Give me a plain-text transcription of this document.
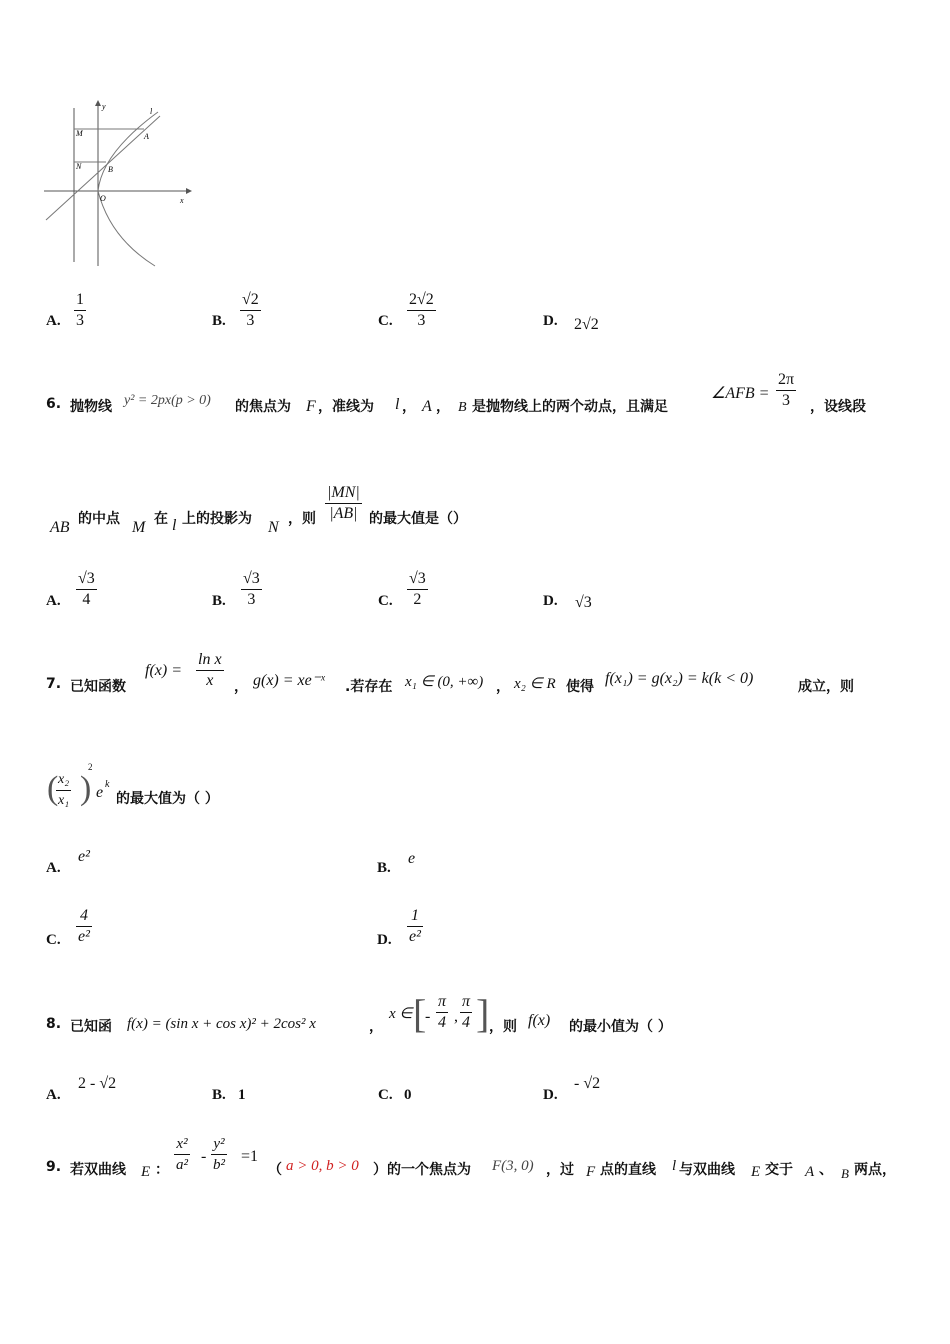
y
x
O
M
N
A
B
l
A. $\frac{1}{3}$	B. $\frac{√2}{3}$	C. $\frac{2√2}{3}$	D. 2√2
6. 抛物线 y² = 2px(p > 0) 的焦点为 F ，准线为 l ， A ， B 是抛物线上的两个动点，且满足
∠AFB = $\frac{2\pi}{3}$ ，设线段
AB 的中点 M 在 l 上的投影为 N ，则 $\frac{|MN|}{|AB|}$ 的最大值是（）
A. $\frac{√3}{4}$	B. $\frac{√3}{3}$	C. $\frac{√3}{2}$	D. √3
7. 已知函数
$f(x) = \frac{\text{ln x}}{x}$ ， g(x) = xe⁻ˣ .若存在 x₁ ∈ (0, +∞) ， x₂ ∈ R 使得 f(x₁) = g(x₂) = k(k < 0)	成立，则
(
$\frac{\text{x₂}}{\text{x₁}}$ )
2
e k
的最大值为（ ）
A.
e²
B.
e
C. $\frac{4}{\text{e²}}$	D. $\frac{1}{\text{e²}}$
8. 已知函 f(x) = (sin x + cos x)² + 2cos² x	，
x ∈ [
- $\frac{\pi}{4}$ , $\frac{\pi}{4}$ ] ，则 f(x) 的最小值为（ ）
A.
2 - √2
B. 1	C. 0	D.
- √2
9. 若双曲线 E ： $\frac{\text{x²}}{\text{a²}} - \frac{\text{y²}}{\text{b²}} =1$
（ a > 0, b > 0 ）的一个焦点为 F(3, 0) ，过 F 点的直线 l 与双曲线 E 交于 A 、 B 两点，
